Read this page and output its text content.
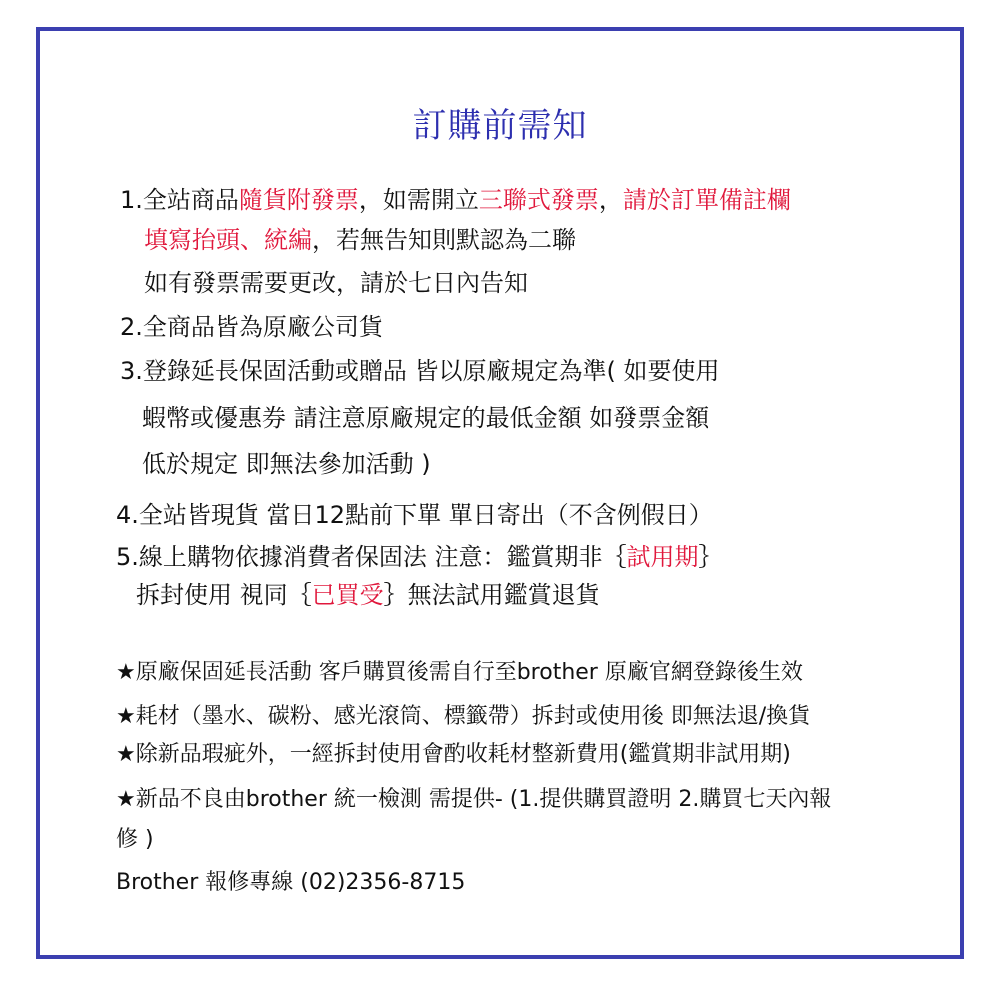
訂購前需知
1.全站商品隨貨附發票，如需開立三聯式發票，請於訂單備註欄
填寫抬頭、統編，若無告知則默認為二聯
如有發票需要更改，請於七日內告知
2.全商品皆為原廠公司貨
3.登錄延長保固活動或贈品 皆以原廠規定為準( 如要使用
蝦幣或優惠券 請注意原廠規定的最低金額 如發票金額
低於規定 即無法參加活動 )
4.全站皆現貨 當日12點前下單 單日寄出（不含例假日）
5.線上購物依據消費者保固法 注意：鑑賞期非｛試用期｝
拆封使用 視同｛已買受｝無法試用鑑賞退貨
★原廠保固延長活動 客戶購買後需自行至brother 原廠官網登錄後生效
★耗材（墨水、碳粉、感光滾筒、標籤帶）拆封或使用後 即無法退/換貨
★除新品瑕疵外，一經拆封使用會酌收耗材整新費用(鑑賞期非試用期)
★新品不良由brother 統一檢測 需提供- (1.提供購買證明 2.購買七天內報
修 )
Brother 報修專線 (02)2356-8715
